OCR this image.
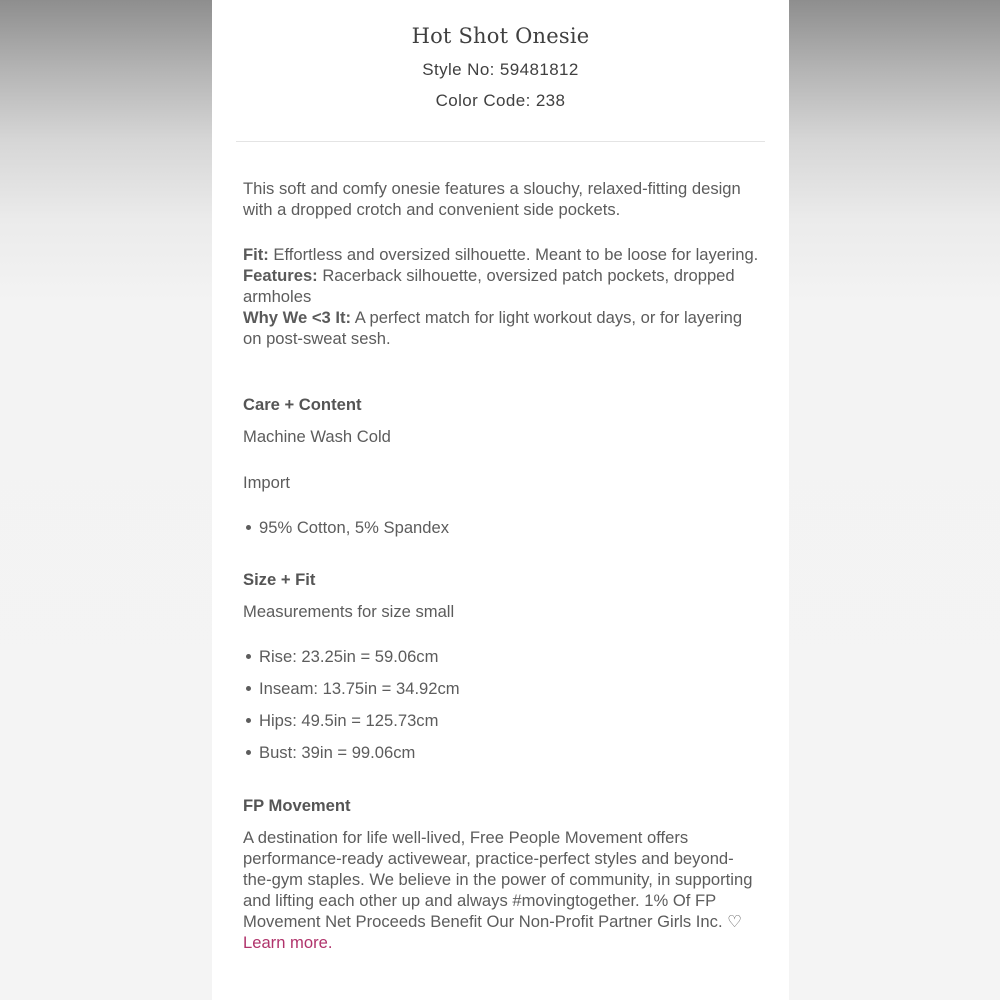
Hot Shot Onesie
Style No: 59481812
Color Code: 238

This soft and comfy onesie features a slouchy, relaxed-fitting design with a dropped crotch and convenient side pockets.

Fit: Effortless and oversized silhouette. Meant to be loose for layering.

Features: Racerback silhouette, oversized patch pockets, dropped armholes

Why We <3 It: A perfect match for light workout days, or for layering on post-sweat sesh.

Care + Content

Machine Wash Cold

Import

95% Cotton, 5% Spandex

Size + Fit

Measurements for size small

Rise: 23.25in = 59.06cm
Inseam: 13.75in = 34.92cm
Hips: 49.5in = 125.73cm
Bust: 39in = 99.06cm

FP Movement

A destination for life well-lived, Free People Movement offers performance-ready activewear, practice-perfect styles and beyond-the-gym staples. We believe in the power of community, in supporting and lifting each other up and always #movingtogether. 1% Of FP Movement Net Proceeds Benefit Our Non-Profit Partner Girls Inc. ♡ Learn more.
